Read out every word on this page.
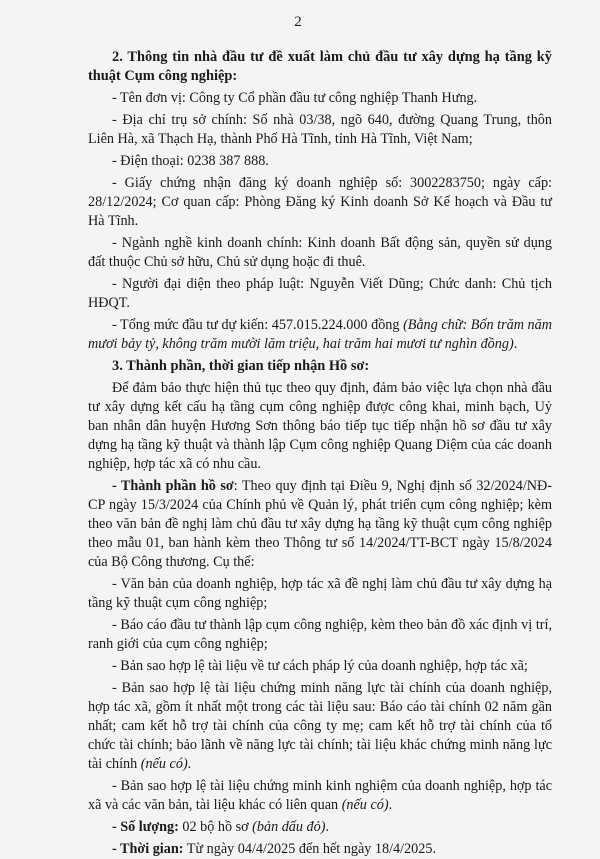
2
2. Thông tin nhà đầu tư đề xuất làm chủ đầu tư xây dựng hạ tầng kỹ thuật Cụm công nghiệp:

- Tên đơn vị: Công ty Cổ phần đầu tư công nghiệp Thanh Hưng.

- Địa chỉ trụ sở chính: Số nhà 03/38, ngõ 640, đường Quang Trung, thôn Liên Hà, xã Thạch Hạ, thành Phố Hà Tĩnh, tỉnh Hà Tĩnh, Việt Nam;

- Điện thoại: 0238 387 888.

- Giấy chứng nhận đăng ký doanh nghiệp số: 3002283750; ngày cấp: 28/12/2024; Cơ quan cấp: Phòng Đăng ký Kinh doanh Sở Kế hoạch và Đầu tư Hà Tĩnh.

- Ngành nghề kinh doanh chính: Kinh doanh Bất động sản, quyền sử dụng đất thuộc Chủ sở hữu, Chủ sử dụng hoặc đi thuê.

- Người đại diện theo pháp luật: Nguyễn Viết Dũng; Chức danh: Chủ tịch HĐQT.

- Tổng mức đầu tư dự kiến: 457.015.224.000 đồng (Bằng chữ: Bốn trăm năm mươi bảy tỷ, không trăm mười lăm triệu, hai trăm hai mươi tư nghìn đồng).

3. Thành phần, thời gian tiếp nhận Hồ sơ:

Để đảm bảo thực hiện thủ tục theo quy định, đảm bảo việc lựa chọn nhà đầu tư xây dựng kết cấu hạ tầng cụm công nghiệp được công khai, minh bạch, Uỷ ban nhân dân huyện Hương Sơn thông báo tiếp tục tiếp nhận hồ sơ đầu tư xây dựng hạ tầng kỹ thuật và thành lập Cụm công nghiệp Quang Diệm của các doanh nghiệp, hợp tác xã có nhu cầu.

- Thành phần hồ sơ: Theo quy định tại Điều 9, Nghị định số 32/2024/NĐ-CP ngày 15/3/2024 của Chính phủ về Quản lý, phát triển cụm công nghiệp; kèm theo văn bản đề nghị làm chủ đầu tư xây dựng hạ tầng kỹ thuật cụm công nghiệp theo mẫu 01, ban hành kèm theo Thông tư số 14/2024/TT-BCT ngày 15/8/2024 của Bộ Công thương. Cụ thể:

- Văn bản của doanh nghiệp, hợp tác xã đề nghị làm chủ đầu tư xây dựng hạ tầng kỹ thuật cụm công nghiệp;

- Báo cáo đầu tư thành lập cụm công nghiệp, kèm theo bản đồ xác định vị trí, ranh giới của cụm công nghiệp;

- Bản sao hợp lệ tài liệu về tư cách pháp lý của doanh nghiệp, hợp tác xã;

- Bản sao hợp lệ tài liệu chứng minh năng lực tài chính của doanh nghiệp, hợp tác xã, gồm ít nhất một trong các tài liệu sau: Báo cáo tài chính 02 năm gần nhất; cam kết hỗ trợ tài chính của công ty mẹ; cam kết hỗ trợ tài chính của tổ chức tài chính; bảo lãnh về năng lực tài chính; tài liệu khác chứng minh năng lực tài chính (nếu có).

- Bản sao hợp lệ tài liệu chứng minh kinh nghiệm của doanh nghiệp, hợp tác xã và các văn bản, tài liệu khác có liên quan (nếu có).

- Số lượng: 02 bộ hồ sơ (bản dấu đỏ).

- Thời gian: Từ ngày 04/4/2025 đến hết ngày 18/4/2025.
